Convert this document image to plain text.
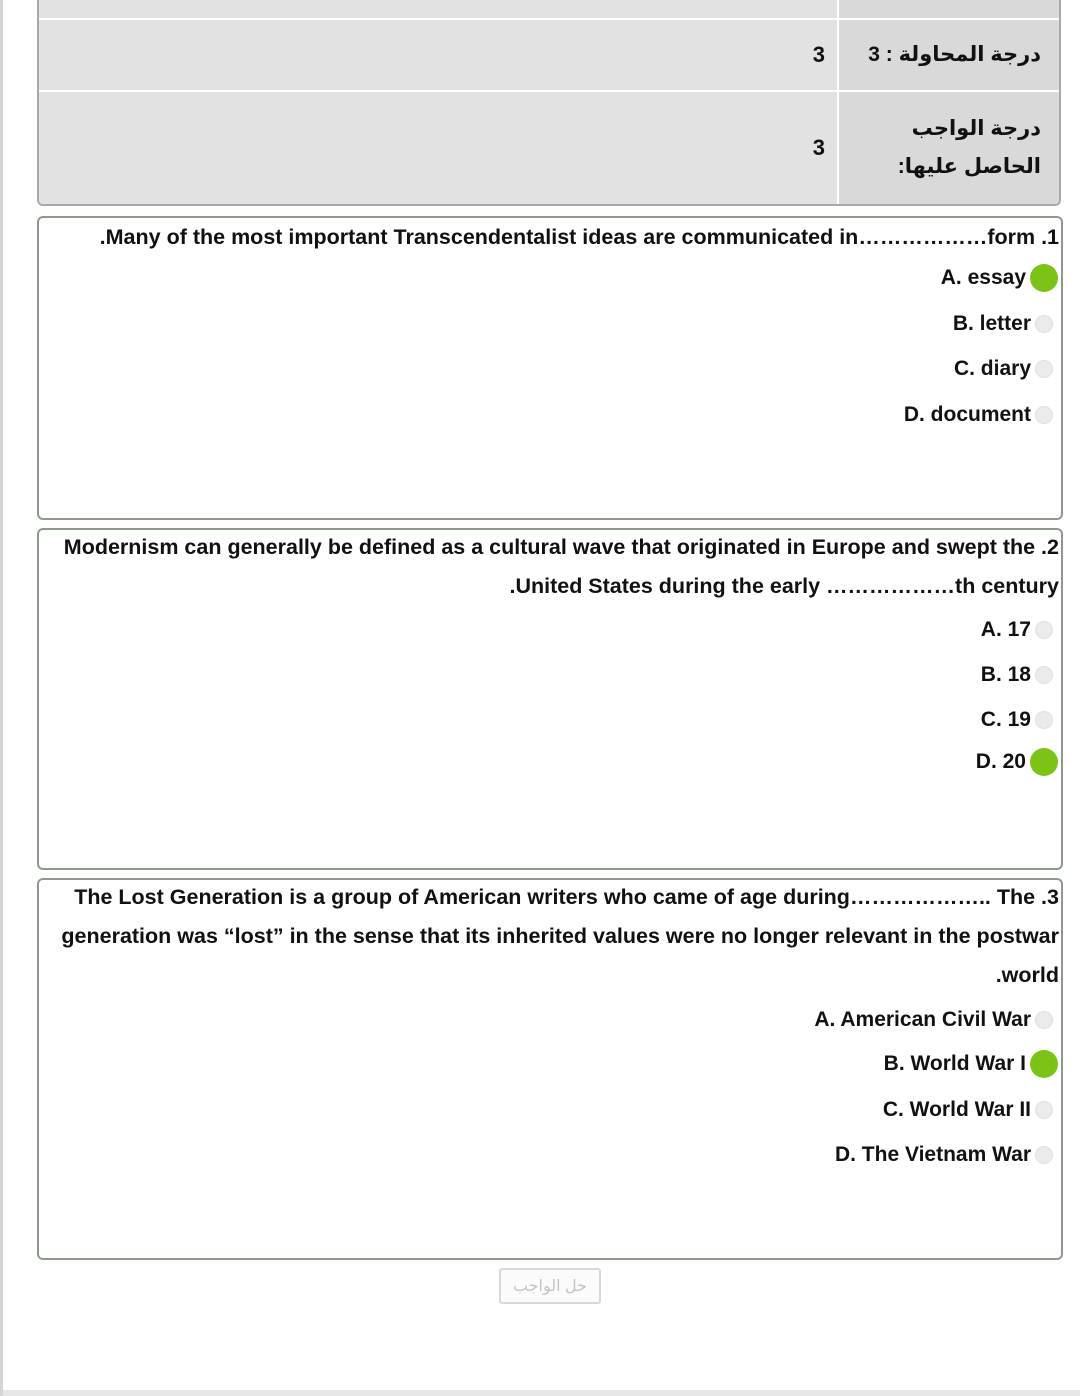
درجة المحاولة : 3
3
درجة الواجب الحاصل عليها:
3
.Many of the most important Transcendentalist ideas are communicated in………………form .1
A. essay
B. letter
C. diary
D. document
Modernism can generally be defined as a cultural wave that originated in Europe and swept the .2
.United States during the early ………………th century
A. 17
B. 18
C. 19
D. 20
The Lost Generation is a group of American writers who came of age during……………….. The .3
generation was “lost” in the sense that its inherited values were no longer relevant in the postwar
.world
A. American Civil War
B. World War I
C. World War II
D. The Vietnam War
حل الواجب
